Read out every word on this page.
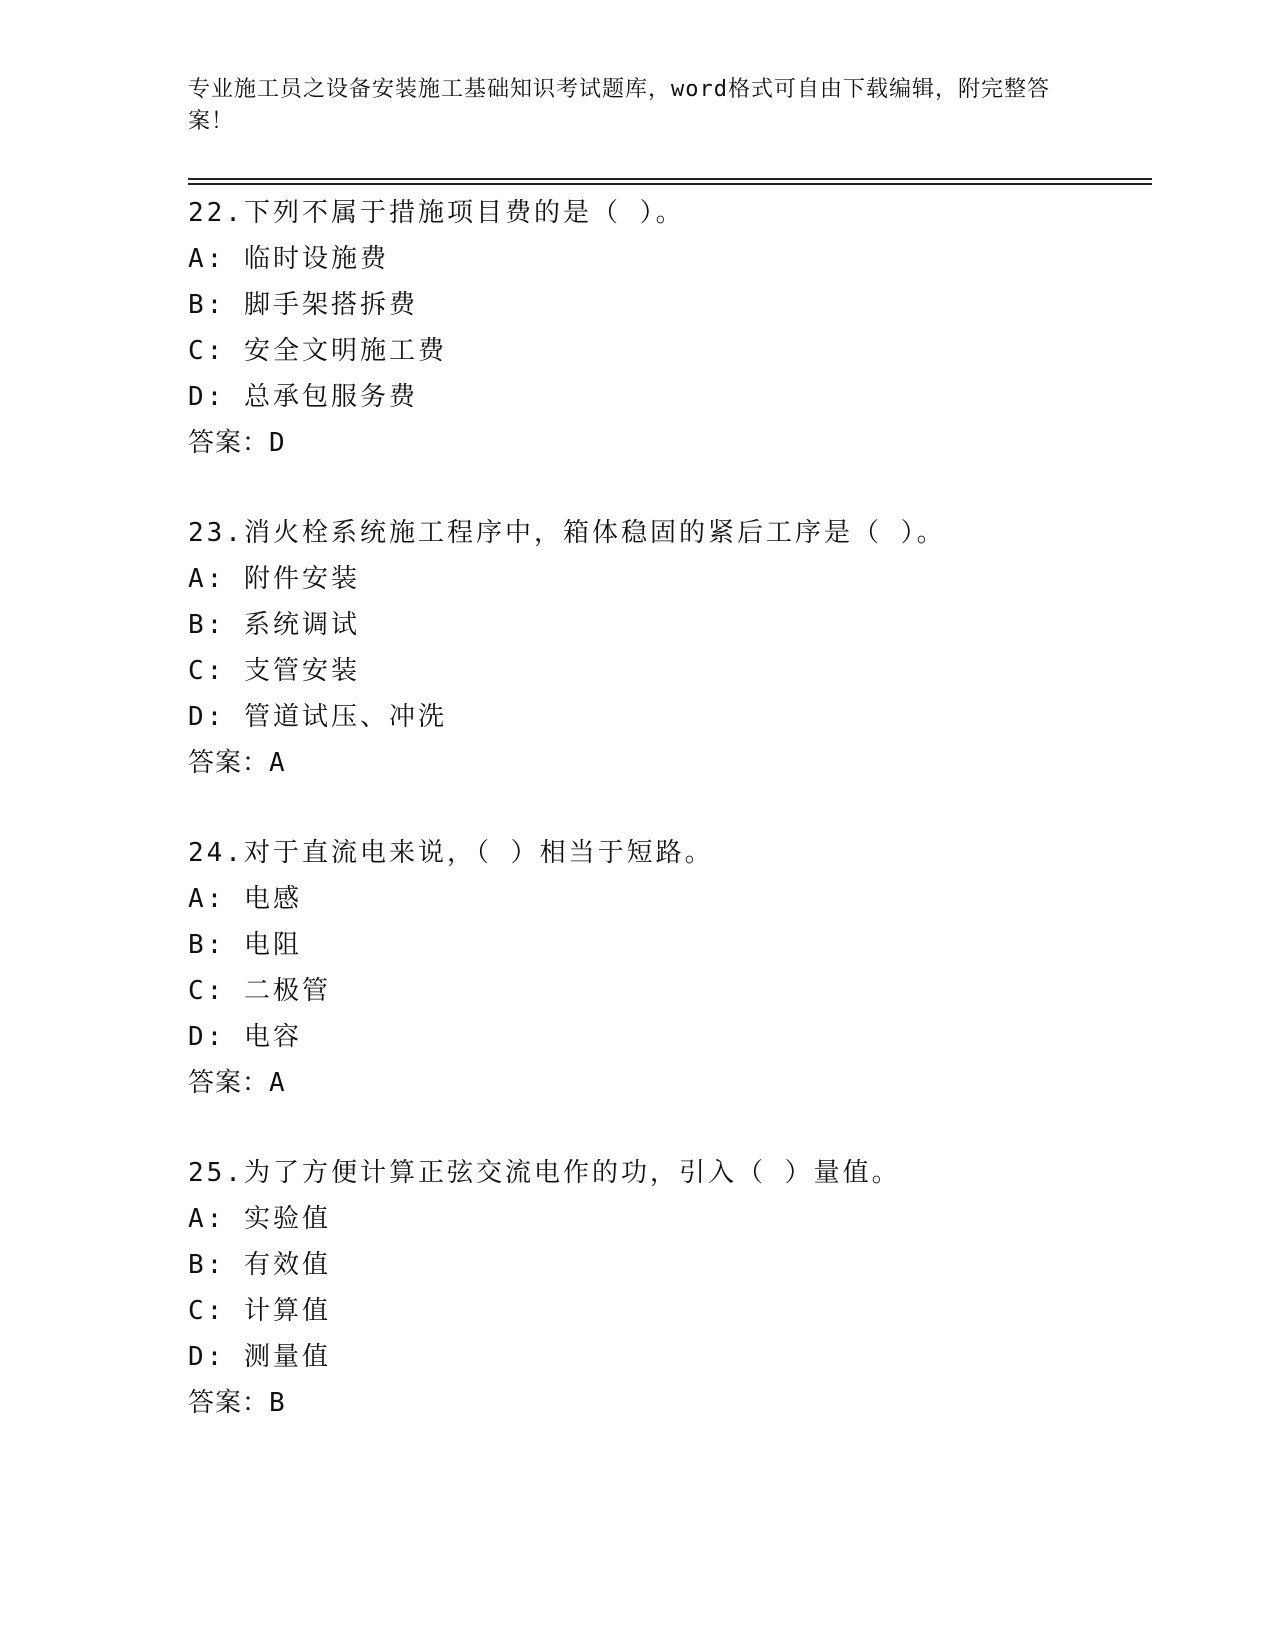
专业施工员之设备安装施工基础知识考试题库，word格式可自由下载编辑，附完整答案！
22.下列不属于措施项目费的是（ ）。
A: 临时设施费
B: 脚手架搭拆费
C: 安全文明施工费
D: 总承包服务费
答案：D
23.消火栓系统施工程序中，箱体稳固的紧后工序是（ ）。
A: 附件安装
B: 系统调试
C: 支管安装
D: 管道试压、冲洗
答案：A
24.对于直流电来说，（ ）相当于短路。
A: 电感
B: 电阻
C: 二极管
D: 电容
答案：A
25.为了方便计算正弦交流电作的功，引入（ ）量值。
A: 实验值
B: 有效值
C: 计算值
D: 测量值
答案：B
